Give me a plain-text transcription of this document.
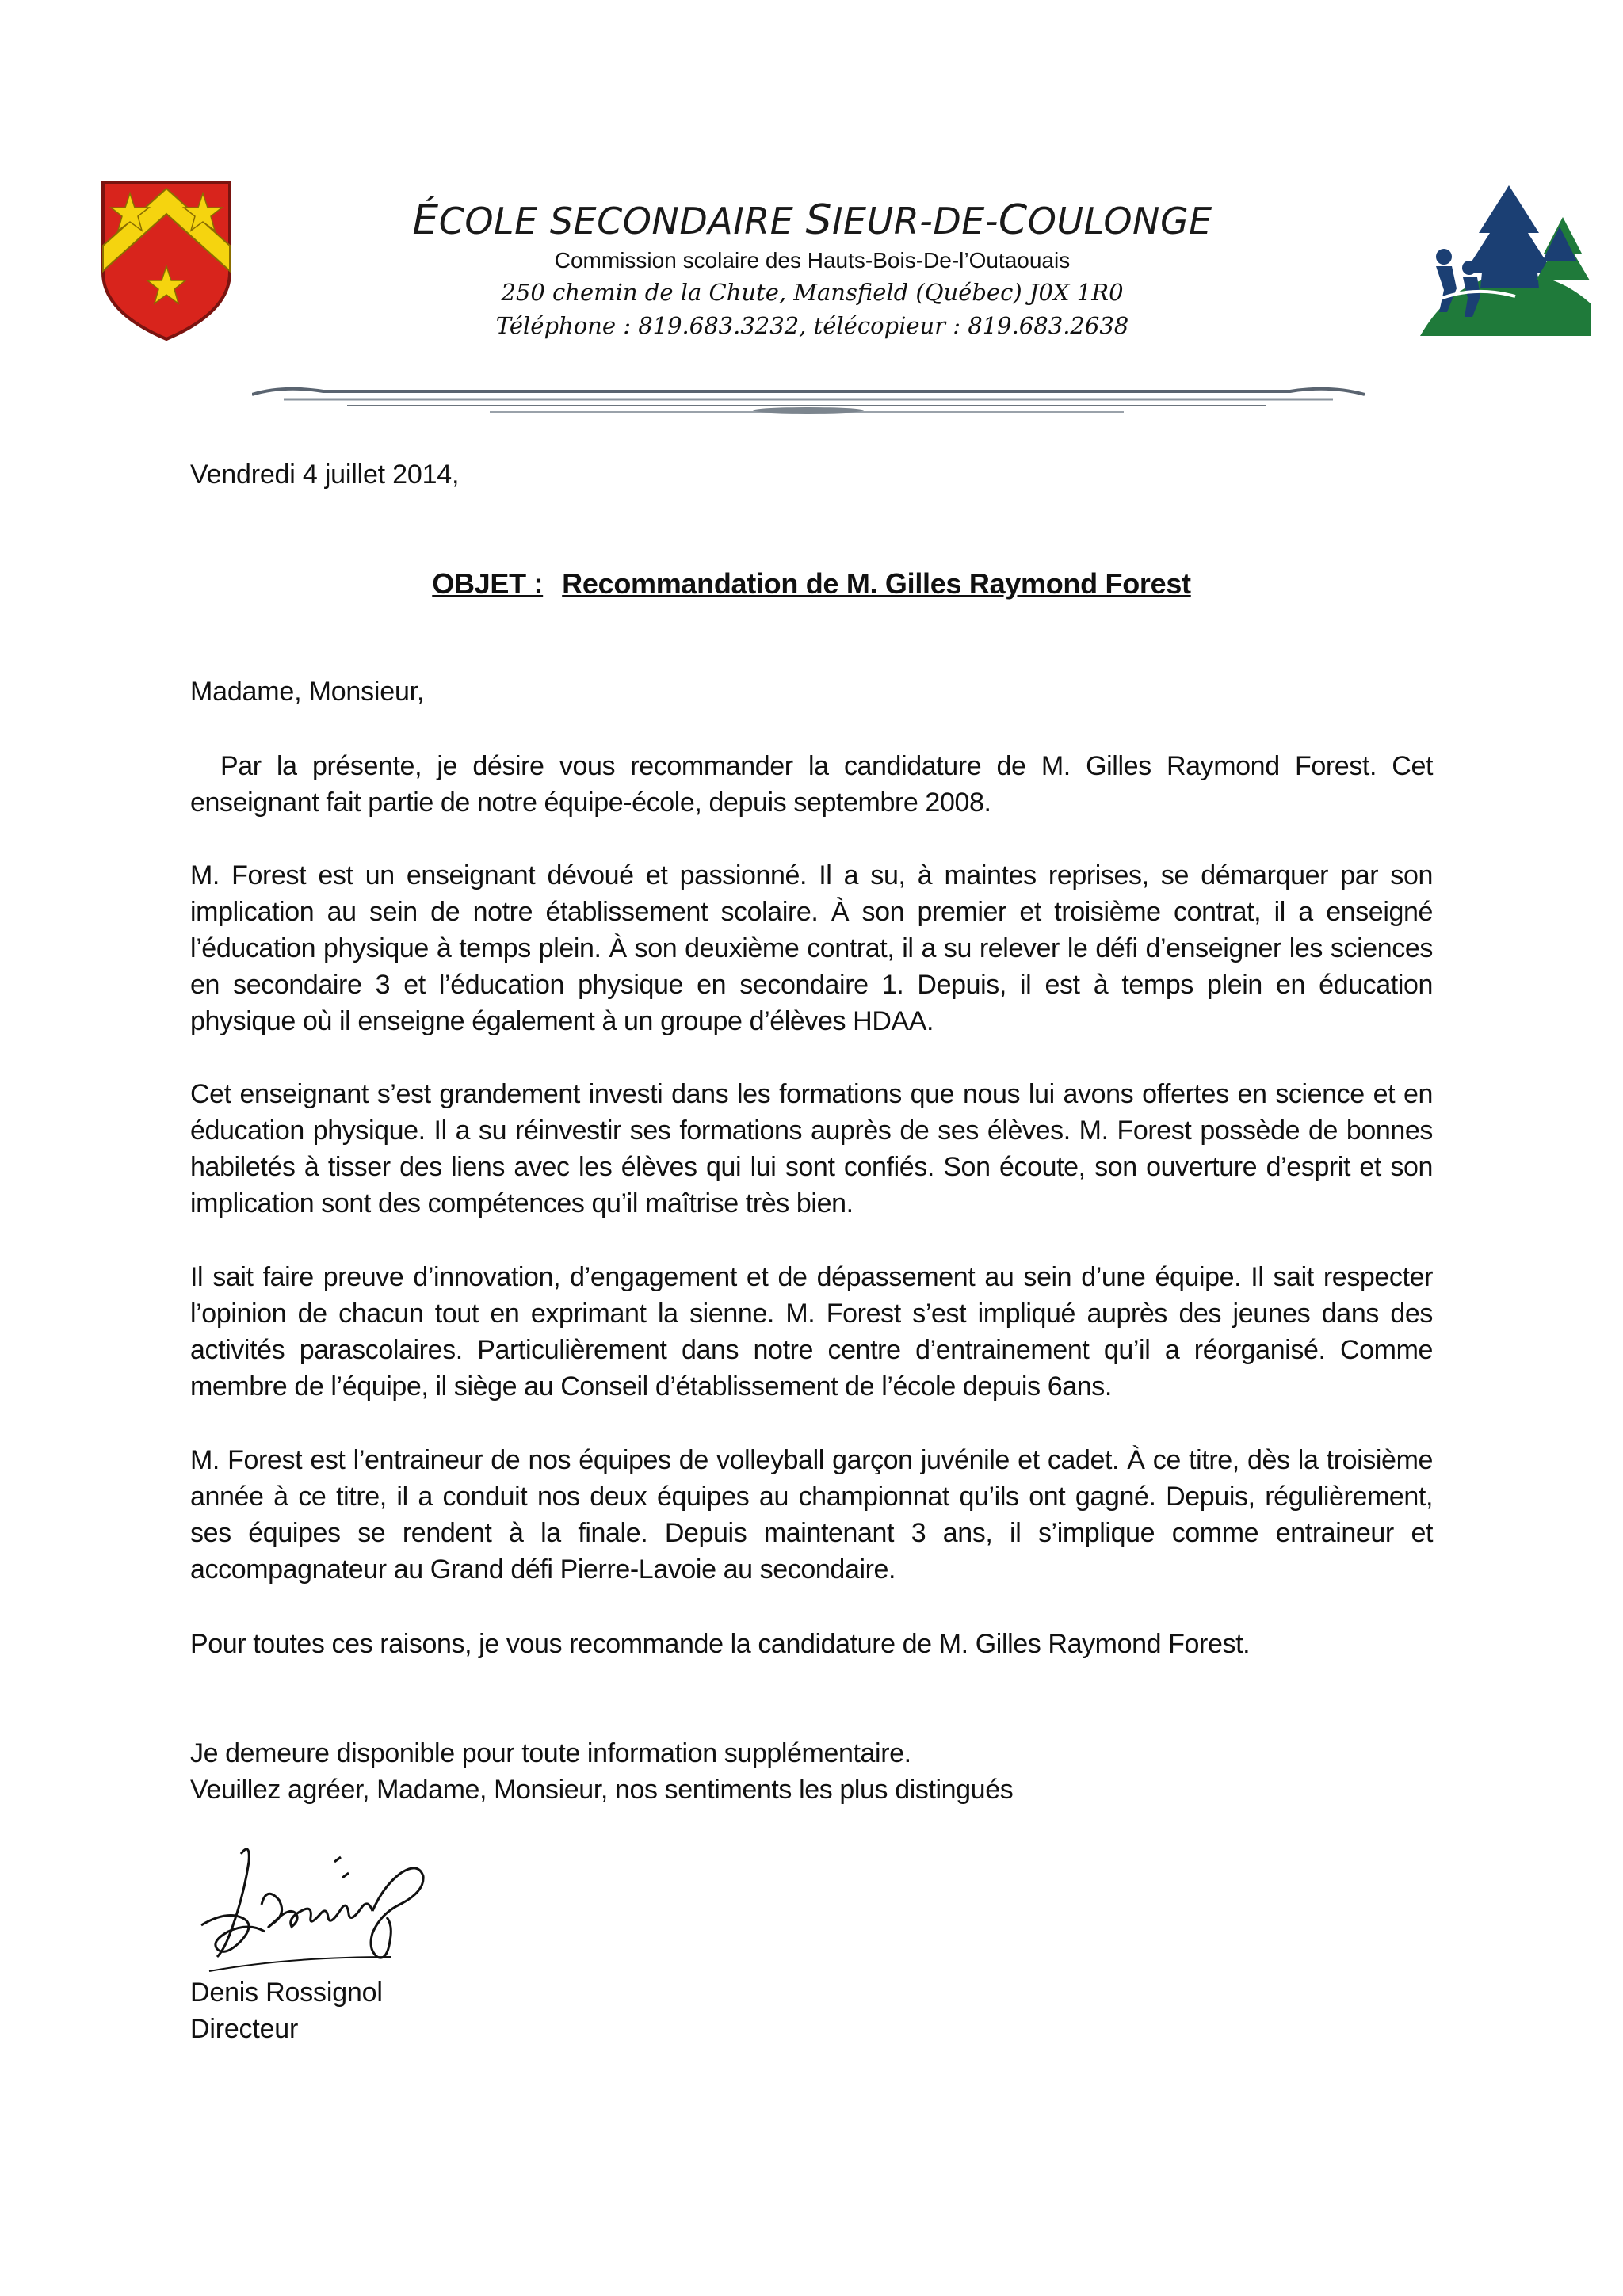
ÉCOLE SECONDAIRE SIEUR-DE-COULONGE
Commission scolaire des Hauts-Bois-De-l’Outaouais
250 chemin de la Chute, Mansfield (Québec) J0X 1R0
Téléphone : 819.683.3232, télécopieur : 819.683.2638
Vendredi 4 juillet 2014,
OBJET : Recommandation de M. Gilles Raymond Forest
Madame, Monsieur,

Par la présente, je désire vous recommander la candidature de M. Gilles Raymond Forest. Cet enseignant fait partie de notre équipe-école, depuis septembre 2008.

M. Forest est un enseignant dévoué et passionné. Il a su, à maintes reprises, se démarquer par son implication au sein de notre établissement scolaire. À son premier et troisième contrat, il a enseigné l’éducation physique à temps plein. À son deuxième contrat, il a su relever le défi d’enseigner les sciences en secondaire 3 et l’éducation physique en secondaire 1. Depuis, il est à temps plein en éducation physique où il enseigne également à un groupe d’élèves HDAA.

Cet enseignant s’est grandement investi dans les formations que nous lui avons offertes en science et en éducation physique. Il a su réinvestir ses formations auprès de ses élèves. M. Forest possède de bonnes habiletés à tisser des liens avec les élèves qui lui sont confiés. Son écoute, son ouverture d’esprit et son implication sont des compétences qu’il maîtrise très bien.

Il sait faire preuve d’innovation, d’engagement et de dépassement au sein d’une équipe. Il sait respecter l’opinion de chacun tout en exprimant la sienne. M. Forest s’est impliqué auprès des jeunes dans des activités parascolaires. Particulièrement dans notre centre d’entrainement qu’il a réorganisé. Comme membre de l’équipe, il siège au Conseil d’établissement de l’école depuis 6ans.

M. Forest est l’entraineur de nos équipes de volleyball garçon juvénile et cadet. À ce titre, dès la troisième année à ce titre, il a conduit nos deux équipes au championnat qu’ils ont gagné. Depuis, régulièrement, ses équipes se rendent à la finale. Depuis maintenant 3 ans, il s’implique comme entraineur et accompagnateur au Grand défi Pierre-Lavoie au secondaire.

Pour toutes ces raisons, je vous recommande la candidature de M. Gilles Raymond Forest.

Je demeure disponible pour toute information supplémentaire.

Veuillez agréer, Madame, Monsieur, nos sentiments les plus distingués

Denis Rossignol
Directeur
